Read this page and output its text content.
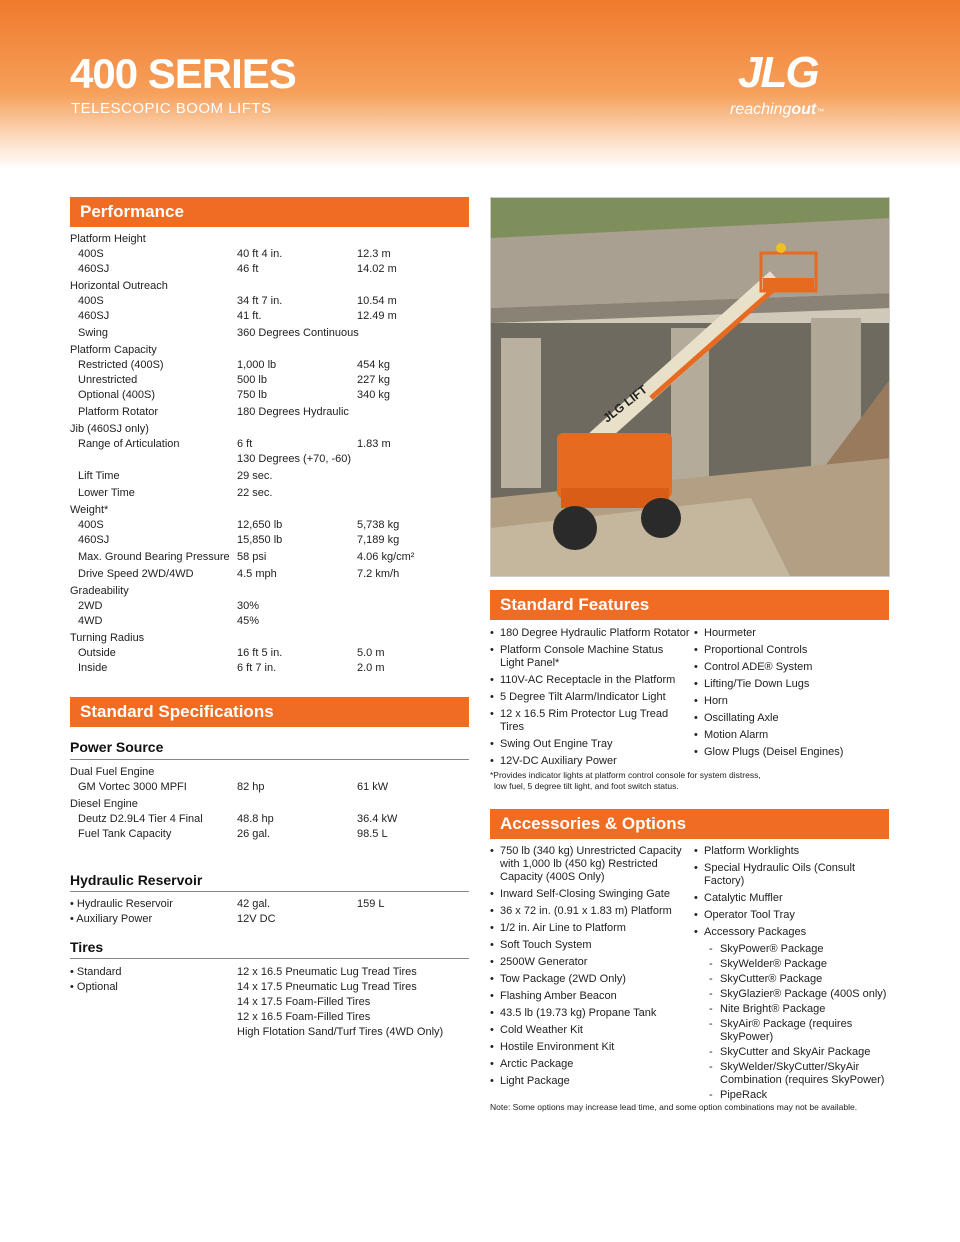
400 SERIES
TELESCOPIC BOOM LIFTS
JLG
reachingout™
Performance
Platform Height
400S	40 ft 4 in.	12.3 m
460SJ	46 ft	14.02 m
Horizontal Outreach
400S	34 ft 7 in.	10.54 m
460SJ	41 ft.	12.49 m
Swing	360 Degrees Continuous
Platform Capacity
Restricted (400S)	1,000 lb	454 kg
Unrestricted	500 lb	227 kg
Optional (400S)	750 lb	340 kg
Platform Rotator	180 Degrees Hydraulic
Jib (460SJ only)
Range of Articulation	6 ft	1.83 m
130 Degrees (+70, -60)
Lift Time	29 sec.
Lower Time	22 sec.
Weight*
400S	12,650 lb	5,738 kg
460SJ	15,850 lb	7,189 kg
Max. Ground Bearing Pressure 58 psi	4.06 kg/cm²
Drive Speed 2WD/4WD	4.5 mph	7.2 km/h
Gradeability
2WD	30%
4WD	45%
Turning Radius
Outside	16 ft 5 in.	5.0 m
Inside	6 ft 7 in.	2.0 m
Standard Specifications
Power Source
Dual Fuel Engine
GM Vortec 3000 MPFI	82 hp	61 kW
Diesel Engine
Deutz D2.9L4 Tier 4 Final	48.8 hp	36.4 kW
Fuel Tank Capacity	26 gal.	98.5 L
Hydraulic Reservoir
• Hydraulic Reservoir	42 gal.	159 L
• Auxiliary Power	12V DC
Tires
• Standard	12 x 16.5 Pneumatic Lug Tread Tires
• Optional	14 x 17.5 Pneumatic Lug Tread Tires
14 x 17.5 Foam-Filled Tires
12 x 16.5 Foam-Filled Tires
High Flotation Sand/Turf Tires (4WD Only)
JLG LIFT
Standard Features
• 180 Degree Hydraulic Platform Rotator
• Platform Console Machine Status Light Panel*
• 110V-AC Receptacle in the Platform
• 5 Degree Tilt Alarm/Indicator Light
• 12 x 16.5 Rim Protector Lug Tread Tires
• Swing Out Engine Tray
• 12V-DC Auxiliary Power
• Hourmeter
• Proportional Controls
• Control ADE® System
• Lifting/Tie Down Lugs
• Horn
• Oscillating Axle
• Motion Alarm
• Glow Plugs (Deisel Engines)
*Provides indicator lights at platform control console for system distress,
low fuel, 5 degree tilt light, and foot switch status.
Accessories & Options
• 750 lb (340 kg) Unrestricted Capacity with 1,000 lb (450 kg) Restricted Capacity (400S Only)
• Inward Self-Closing Swinging Gate
• 36 x 72 in. (0.91 x 1.83 m) Platform
• 1/2 in. Air Line to Platform
• Soft Touch System
• 2500W Generator
• Tow Package (2WD Only)
• Flashing Amber Beacon
• 43.5 lb (19.73 kg) Propane Tank
• Cold Weather Kit
• Hostile Environment Kit
• Arctic Package
• Light Package
• Platform Worklights
• Special Hydraulic Oils (Consult Factory)
• Catalytic Muffler
• Operator Tool Tray
• Accessory Packages
- SkyPower® Package
- SkyWelder® Package
- SkyCutter® Package
- SkyGlazier® Package (400S only)
- Nite Bright® Package
- SkyAir® Package (requires SkyPower)
- SkyCutter and SkyAir Package
- SkyWelder/SkyCutter/SkyAir Combination (requires SkyPower)
- PipeRack
Note: Some options may increase lead time, and some option combinations may not be available.
